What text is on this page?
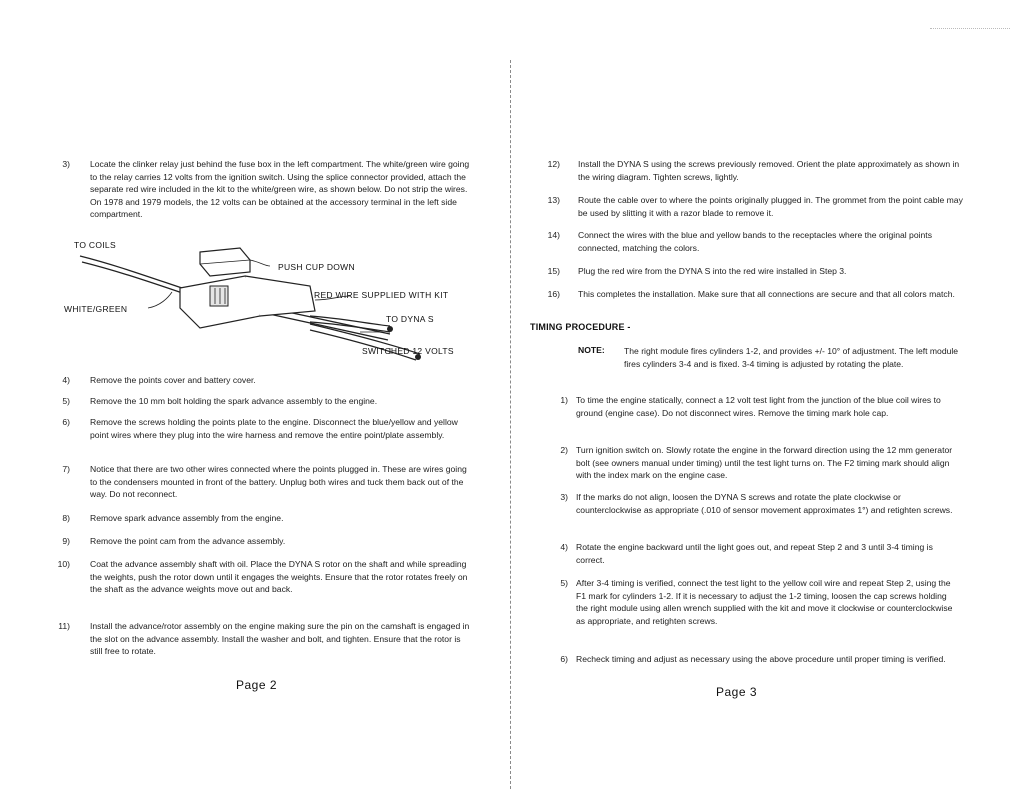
3) Locate the clinker relay just behind the fuse box in the left compartment. The white/green wire going to the relay carries 12 volts from the ignition switch. Using the splice connector provided, attach the separate red wire included in the kit to the white/green wire, as shown below. Do not strip the wires. On 1978 and 1979 models, the 12 volts can be obtained at the accessory terminal in the left side compartment.
TO COILS
PUSH CUP DOWN
RED WIRE SUPPLIED WITH KIT
WHITE/GREEN
TO DYNA S
SWITCHED 12 VOLTS
4) Remove the points cover and battery cover.
5) Remove the 10 mm bolt holding the spark advance assembly to the engine.
6) Remove the screws holding the points plate to the engine. Disconnect the blue/yellow and yellow point wires where they plug into the wire harness and remove the entire point/plate assembly.
7) Notice that there are two other wires connected where the points plugged in. These are wires going to the condensers mounted in front of the battery. Unplug both wires and tuck them back out of the way. Do not reconnect.
8) Remove spark advance assembly from the engine.
9) Remove the point cam from the advance assembly.
10) Coat the advance assembly shaft with oil. Place the DYNA S rotor on the shaft and while spreading the weights, push the rotor down until it engages the weights. Ensure that the rotor rotates freely on the shaft as the advance weights move out and back.
11) Install the advance/rotor assembly on the engine making sure the pin on the camshaft is engaged in the slot on the advance assembly. Install the washer and bolt, and tighten. Ensure that the rotor is still free to rotate.
Page 2
12) Install the DYNA S using the screws previously removed. Orient the plate approximately as shown in the wiring diagram. Tighten screws, lightly.
13) Route the cable over to where the points originally plugged in. The grommet from the point cable may be used by slitting it with a razor blade to remove it.
14) Connect the wires with the blue and yellow bands to the receptacles where the original points connected, matching the colors.
15) Plug the red wire from the DYNA S into the red wire installed in Step 3.
16) This completes the installation. Make sure that all connections are secure and that all colors match.
TIMING PROCEDURE -
NOTE: The right module fires cylinders 1-2, and provides +/- 10° of adjustment. The left module fires cylinders 3-4 and is fixed. 3-4 timing is adjusted by rotating the plate.
1) To time the engine statically, connect a 12 volt test light from the junction of the blue coil wires to ground (engine case). Do not disconnect wires. Remove the timing mark hole cap.
2) Turn ignition switch on. Slowly rotate the engine in the forward direction using the 12 mm generator bolt (see owners manual under timing) until the test light turns on. The F2 timing mark should align with the index mark on the engine case.
3) If the marks do not align, loosen the DYNA S screws and rotate the plate clockwise or counterclockwise as appropriate (.010 of sensor movement approximates 1°) and retighten screws.
4) Rotate the engine backward until the light goes out, and repeat Step 2 and 3 until 3-4 timing is correct.
5) After 3-4 timing is verified, connect the test light to the yellow coil wire and repeat Step 2, using the F1 mark for cylinders 1-2. If it is necessary to adjust the 1-2 timing, loosen the cap screws holding the right module using allen wrench supplied with the kit and move it clockwise or counterclockwise as appropriate, and retighten screws.
6) Recheck timing and adjust as necessary using the above procedure until proper timing is verified.
Page 3
